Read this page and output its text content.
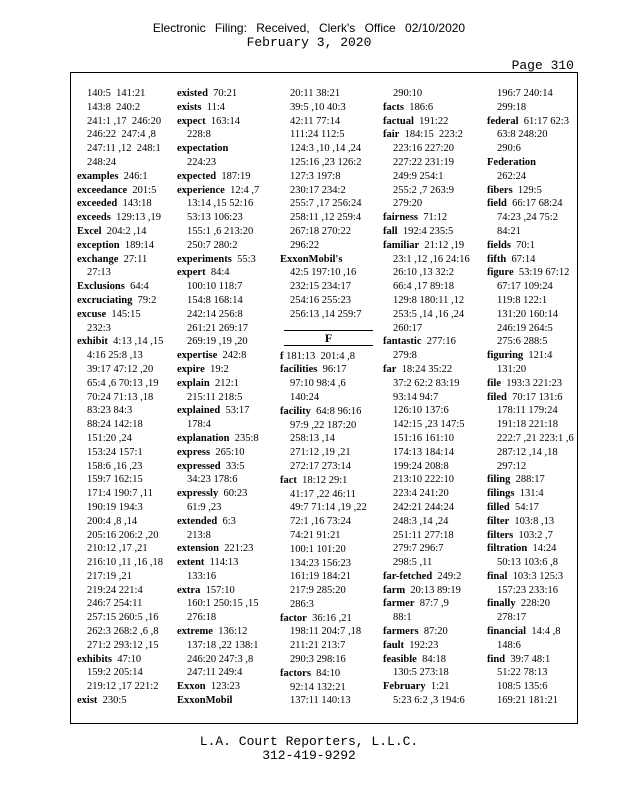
Electronic Filing: Received, Clerk's Office 02/10/2020
February 3, 2020
Page 310
140:5  141:21
143:8  240:2
241:1 ,17  246:20
246:22  247:4 ,8
247:11 ,12  248:1
248:24
examples  246:1
exceedance  201:5
exceeded  143:18
exceeds  129:13 ,19
Excel  204:2 ,14
exception  189:14
exchange  27:11
27:13
Exclusions  64:4
excruciating  79:2
excuse  145:15
232:3
exhibit  4:13 ,14 ,15
4:16 25:8 ,13
39:17 47:12 ,20
65:4 ,6 70:13 ,19
70:24 71:13 ,18
83:23 84:3
88:24 142:18
151:20 ,24
153:24 157:1
158:6 ,16 ,23
159:7 162:15
171:4 190:7 ,11
190:19 194:3
200:4 ,8 ,14
205:16 206:2 ,20
210:12 ,17 ,21
216:10 ,11 ,16 ,18
217:19 ,21
219:24 221:4
246:7 254:11
257:15 260:5 ,16
262:3 268:2 ,6 ,8
271:2 293:12 ,15
exhibits  47:10
159:2 205:14
219:12 ,17 221:2
exist  230:5
existed  70:21
exists  11:4
expect  163:14
228:8
expectation
224:23
expected  187:19
experience  12:4 ,7
13:14 ,15 52:16
53:13 106:23
155:1 ,6 213:20
250:7 280:2
experiments  55:3
expert  84:4
100:10 118:7
154:8 168:14
242:14 256:8
261:21 269:17
269:19 ,19 ,20
expertise  242:8
expire  19:2
explain  212:1
215:11 218:5
explained  53:17
178:4
explanation  235:8
express  265:10
expressed  33:5
34:23 178:6
expressly  60:23
61:9 ,23
extended  6:3
213:8
extension  221:23
extent  114:13
133:16
extra  157:10
160:1 250:15 ,15
276:18
extreme  136:12
137:18 ,22 138:1
246:20 247:3 ,8
247:11 249:4
Exxon  123:23
ExxonMobil
20:11 38:21
39:5 ,10 40:3
42:11 77:14
111:24 112:5
124:3 ,10 ,14 ,24
125:16 ,23 126:2
127:3 197:8
230:17 234:2
255:7 ,17 256:24
258:11 ,12 259:4
267:18 270:22
296:22
ExxonMobil's
42:5 197:10 ,16
232:15 234:17
254:16 255:23
256:13 ,14 259:7
F
f 181:13  201:4 ,8
facilities  96:17
97:10 98:4 ,6
140:24
facility  64:8 96:16
97:9 ,22 187:20
258:13 ,14
271:12 ,19 ,21
272:17 273:14
fact  18:12 29:1
41:17 ,22 46:11
49:7 71:14 ,19 ,22
72:1 ,16 73:24
74:21 91:21
100:1 101:20
134:23 156:23
161:19 184:21
217:9 285:20
286:3
factor  36:16 ,21
198:11 204:7 ,18
211:21 213:7
290:3 298:16
factors  84:10
92:14 132:21
137:11 140:13
290:10
facts  186:6
factual  191:22
fair  184:15  223:2
223:16 227:20
227:22 231:19
249:9 254:1
255:2 ,7 263:9
279:20
fairness  71:12
fall  192:4 235:5
familiar  21:12 ,19
23:1 ,12 ,16 24:16
26:10 ,13 32:2
66:4 ,17 89:18
129:8 180:11 ,12
253:5 ,14 ,16 ,24
260:17
fantastic  277:16
279:8
far  18:24 35:22
37:2 62:2 83:19
93:14 94:7
126:10 137:6
142:15 ,23 147:5
151:16 161:10
174:13 184:14
199:24 208:8
213:10 222:10
223:4 241:20
242:21 244:24
248:3 ,14 ,24
251:11 277:18
279:7 296:7
298:5 ,11
far-fetched  249:2
farm  20:13 89:19
farmer  87:7 ,9
88:1
farmers  87:20
fault  192:23
feasible  84:18
130:5 273:18
February  1:21
5:23 6:2 ,3 194:6
196:7 240:14
299:18
federal  61:17 62:3
63:8 248:20
290:6
Federation
262:24
fibers  129:5
field  66:17 68:24
74:23 ,24 75:2
84:21
fields  70:1
fifth  67:14
figure  53:19 67:12
67:17 109:24
119:8 122:1
131:20 160:14
246:19 264:5
275:6 288:5
figuring  121:4
131:20
file  193:3 221:23
filed  70:17 131:6
178:11 179:24
191:18 221:18
222:7 ,21 223:1 ,6
287:12 ,14 ,18
297:12
filing  288:17
filings  131:4
filled  54:17
filter  103:8 ,13
filters  103:2 ,7
filtration  14:24
50:13 103:6 ,8
final  103:3 125:3
157:23 233:16
finally  228:20
278:17
financial  14:4 ,8
148:6
find  39:7 48:1
51:22 78:13
108:5 135:6
169:21 181:21
L.A. Court Reporters, L.L.C.
312-419-9292
